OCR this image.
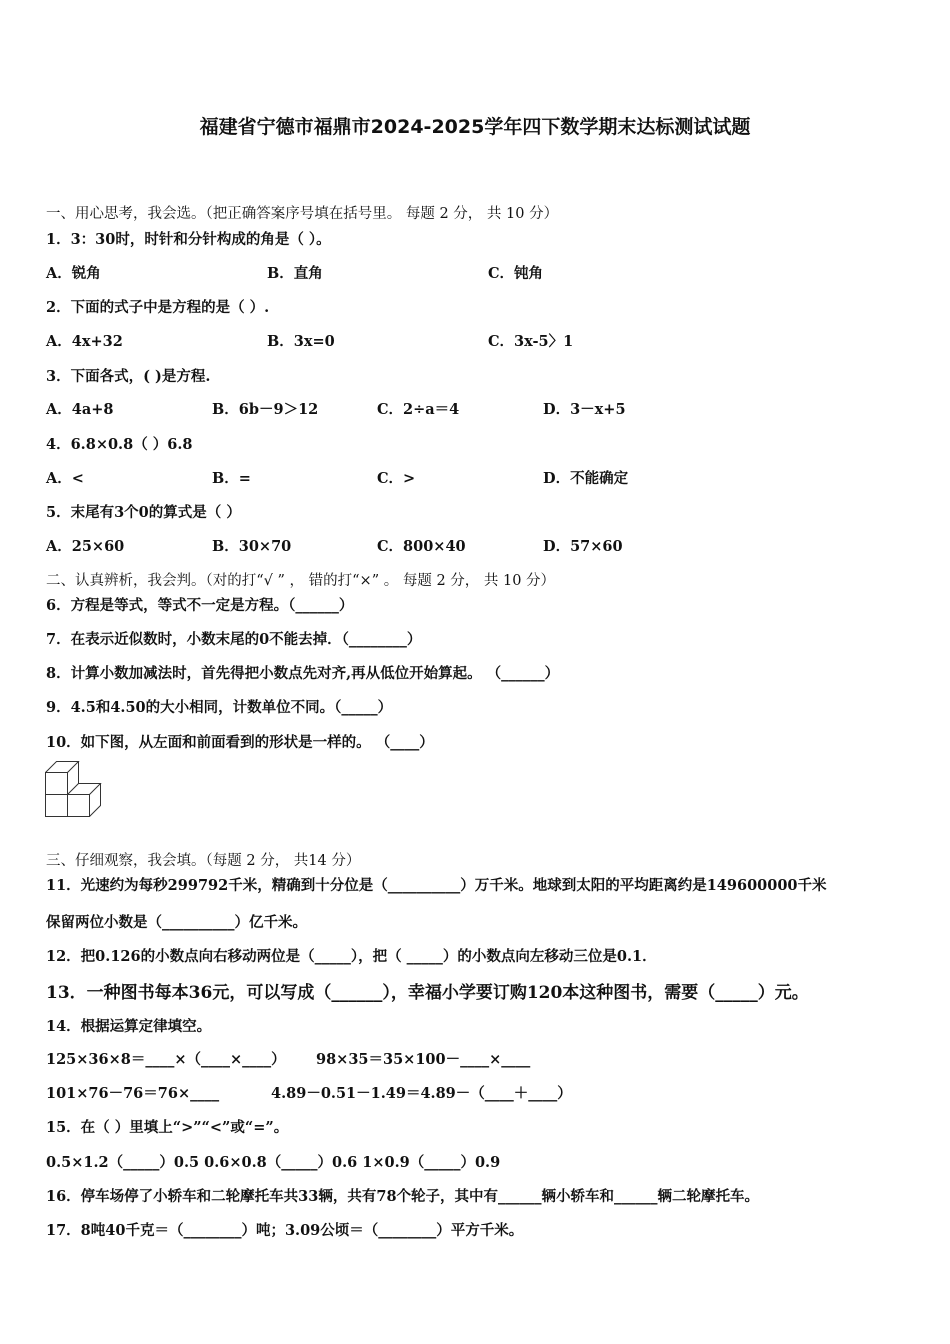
福建省宁德市福鼎市2024-2025学年四下数学期末达标测试试题
一、用心思考，我会选。（把正确答案序号填在括号里。 每题 2 分， 共 10 分）
1．3：30时，时针和分针构成的角是（ ）。
A．锐角	B．直角	C．钝角
2．下面的式子中是方程的是（ ）.
A．4x+32	B．3x=0	C．3x-5〉1
3．下面各式，( )是方程.
A．4a+8	B．6b－9＞12	C．2÷a＝4	D．3－x+5
4．6.8×0.8（ ）6.8
A．<	B．=	C．>	D．不能确定
5．末尾有3个0的算式是（ ）
A．25×60	B．30×70	C．800×40	D．57×60
二、认真辨析，我会判。（对的打“√ ” ， 错的打“×” 。 每题 2 分， 共 10 分）
6．方程是等式，等式不一定是方程。（______）
7．在表示近似数时，小数末尾的0不能去掉．（________）
8．计算小数加减法时，首先得把小数点先对齐,再从低位开始算起。 （______）
9．4.5和4.50的大小相同，计数单位不同。（_____）
10．如下图，从左面和前面看到的形状是一样的。 （____）
三、仔细观察，我会填。（每题 2 分， 共14 分）
11．光速约为每秒299792千米，精确到十分位是（__________）万千米。地球到太阳的平均距离约是149600000千米
保留两位小数是（__________）亿千米。
12．把0.126的小数点向右移动两位是（_____），把（ _____）的小数点向左移动三位是0.1．
13．一种图书每本36元，可以写成（______），幸福小学要订购120本这种图书，需要（_____）元。
14．根据运算定律填空。
125×36×8＝____×（____×____） 98×35＝35×100－____×____
101×76－76＝76×____	4.89－0.51－1.49＝4.89－（____＋____）
15．在（ ）里填上“>”“<”或“=”。
0.5×1.2（_____）0.5 0.6×0.8（_____）0.6 1×0.9（_____）0.9
16．停车场停了小轿车和二轮摩托车共33辆，共有78个轮子，其中有______辆小轿车和______辆二轮摩托车。
17．8吨40千克＝（________）吨；3.09公顷＝（________）平方千米。
